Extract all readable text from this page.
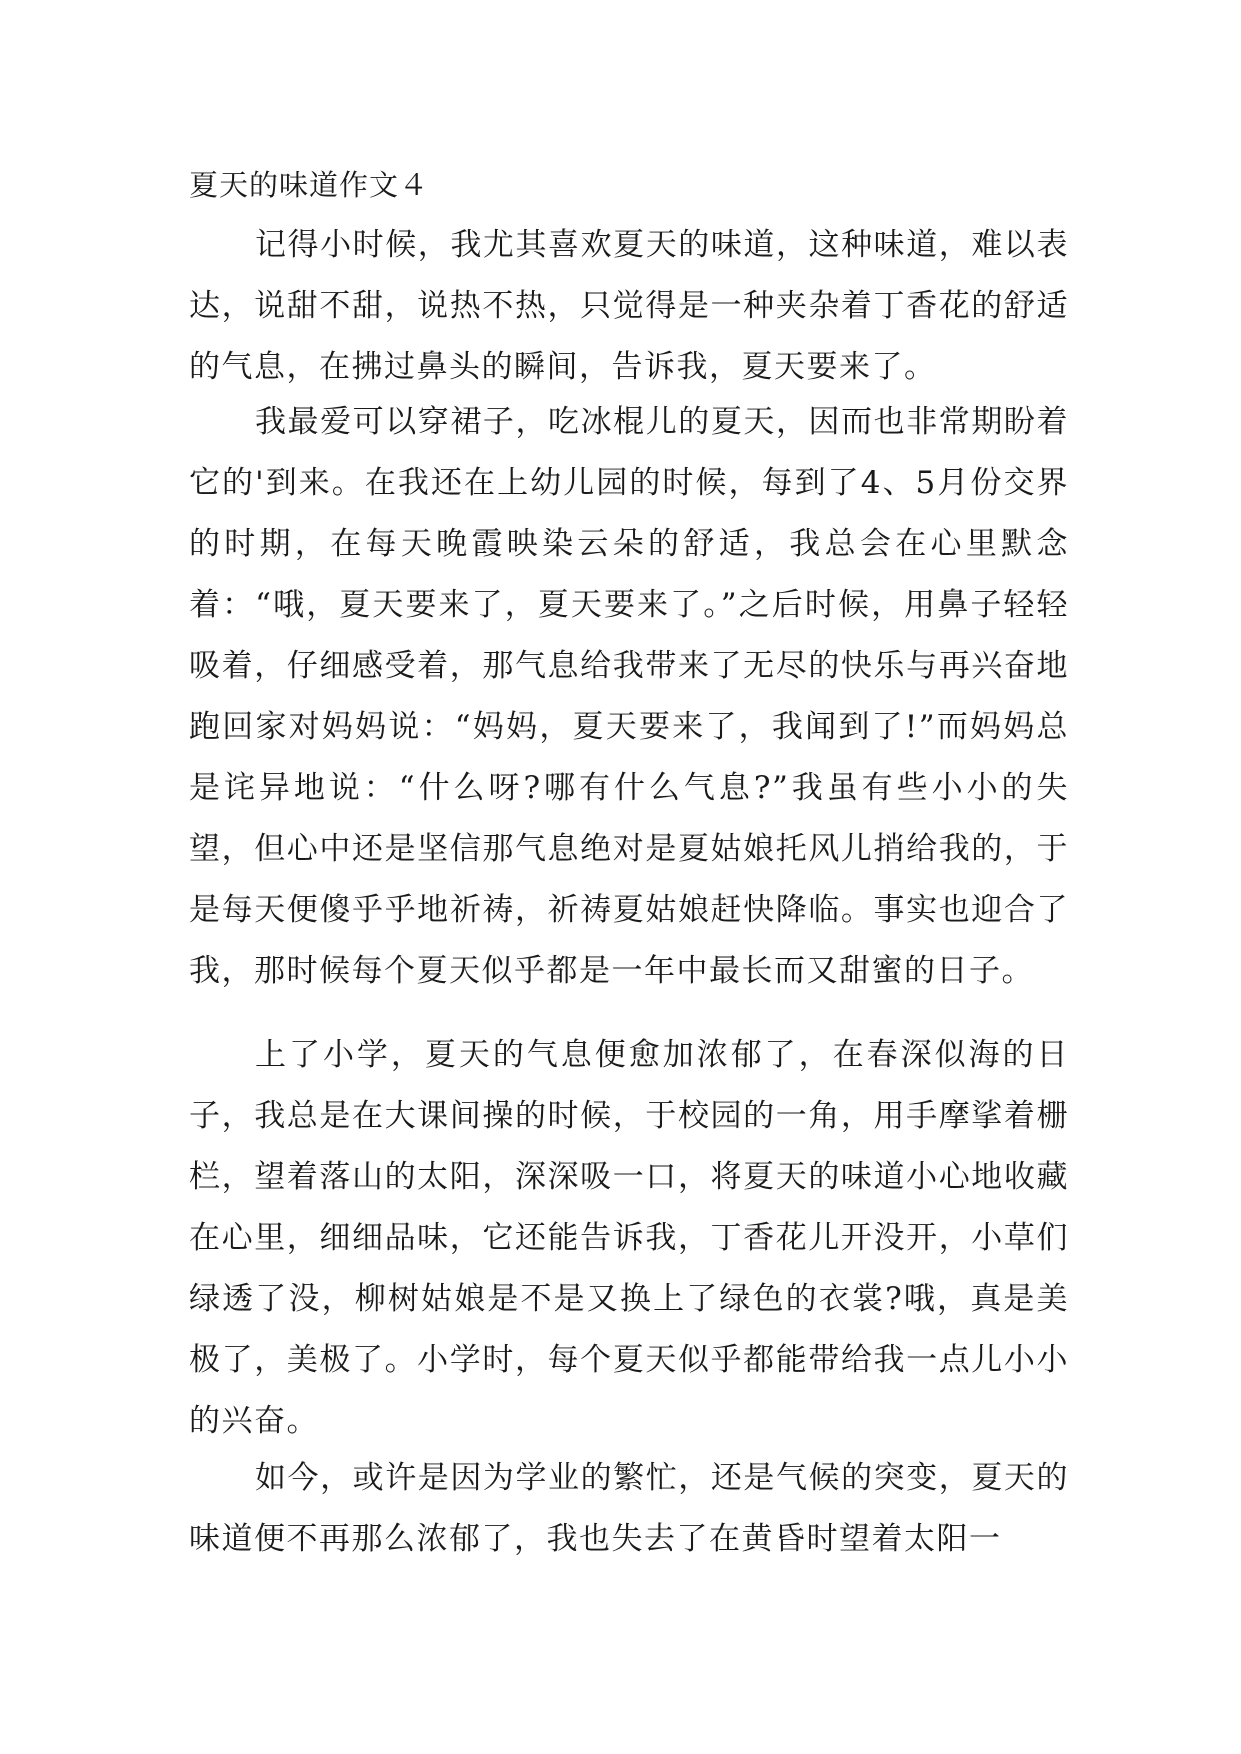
夏天的味道作文４

记得小时候，我尤其喜欢夏天的味道，这种味道，难以表达，说甜不甜，说热不热，只觉得是一种夹杂着丁香花的舒适的气息，在拂过鼻头的瞬间，告诉我，夏天要来了。

我最爱可以穿裙子，吃冰棍儿的夏天，因而也非常期盼着它的'到来。在我还在上幼儿园的时候，每到了4、5月份交界的时期，在每天晚霞映染云朵的舒适，我总会在心里默念着：“哦，夏天要来了，夏天要来了。”之后时候，用鼻子轻轻吸着，仔细感受着，那气息给我带来了无尽的快乐与再兴奋地跑回家对妈妈说：“妈妈，夏天要来了，我闻到了!”而妈妈总是诧异地说：“什么呀?哪有什么气息?”我虽有些小小的失望，但心中还是坚信那气息绝对是夏姑娘托风儿捎给我的，于是每天便傻乎乎地祈祷，祈祷夏姑娘赶快降临。事实也迎合了我，那时候每个夏天似乎都是一年中最长而又甜蜜的日子。

上了小学，夏天的气息便愈加浓郁了，在春深似海的日子，我总是在大课间操的时候，于校园的一角，用手摩挲着栅栏，望着落山的太阳，深深吸一口，将夏天的味道小心地收藏在心里，细细品味，它还能告诉我，丁香花儿开没开，小草们绿透了没，柳树姑娘是不是又换上了绿色的衣裳?哦，真是美极了，美极了。小学时，每个夏天似乎都能带给我一点儿小小的兴奋。

如今，或许是因为学业的繁忙，还是气候的突变，夏天的味道便不再那么浓郁了，我也失去了在黄昏时望着太阳一
